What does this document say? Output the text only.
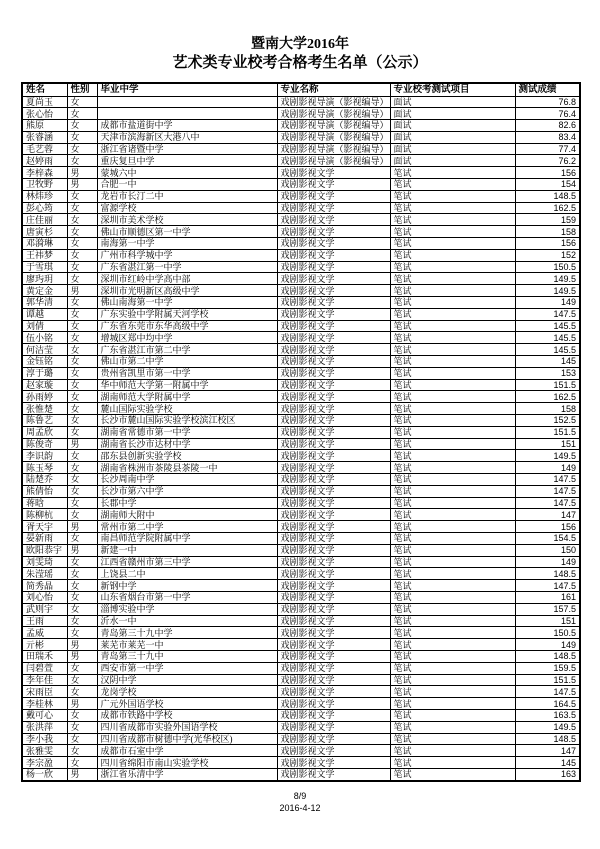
暨南大学2016年
艺术类专业校考合格考生名单（公示）
姓名	性别	毕业中学	专业名称	专业校考测试项目	测试成绩
夏尚玉	女		戏剧影视导演（影视编导）	面试	76.8
张心怡	女		戏剧影视导演（影视编导）	面试	76.4
熊原	女	成都市盐道街中学	戏剧影视导演（影视编导）	面试	82.6
张睿涵	女	天津市滨海新区大港八中	戏剧影视导演（影视编导）	面试	83.4
毛艺蓉	女	浙江省诸暨中学	戏剧影视导演（影视编导）	面试	77.4
赵婷雨	女	重庆复旦中学	戏剧影视导演（影视编导）	面试	76.2
李梓森	男	蒙城六中	戏剧影视文学	笔试	156
卫牧野	男	合肥一中	戏剧影视文学	笔试	154
林炜珍	女	龙岩市长汀二中	戏剧影视文学	笔试	148.5
彭心筠	女	富源学校	戏剧影视文学	笔试	162.5
庄佳丽	女	深圳市美术学校	戏剧影视文学	笔试	159
唐寅杉	女	佛山市顺德区第一中学	戏剧影视文学	笔试	158
邓漪琳	女	南海第一中学	戏剧影视文学	笔试	156
王祎梦	女	广州市科学城中学	戏剧影视文学	笔试	152
于雪琪	女	广东省湛江第一中学	戏剧影视文学	笔试	150.5
廖玙玥	女	深圳市红岭中学高中部	戏剧影视文学	笔试	149.5
黄定金	男	深圳市光明新区高级中学	戏剧影视文学	笔试	149.5
郭华清	女	佛山南海第一中学	戏剧影视文学	笔试	149
谭越	女	广东实验中学附属天河学校	戏剧影视文学	笔试	147.5
刘倩	女	广东省东莞市东华高级中学	戏剧影视文学	笔试	145.5
伍小铭	女	增城区郑中均中学	戏剧影视文学	笔试	145.5
何洁莹	女	广东省湛江市第二中学	戏剧影视文学	笔试	145.5
金钰铭	女	佛山市第二中学	戏剧影视文学	笔试	145
淳于璐	女	贵州省凯里市第一中学	戏剧影视文学	笔试	153
赵家璇	女	华中师范大学第一附属中学	戏剧影视文学	笔试	151.5
孙雨婷	女	湖南师范大学附属中学	戏剧影视文学	笔试	162.5
张惟楚	女	麓山国际实验学校	戏剧影视文学	笔试	158
陈鲁艺	女	长沙市麓山国际实验学校滨江校区	戏剧影视文学	笔试	152.5
周孟欣	女	湖南省常德市第一中学	戏剧影视文学	笔试	151.5
陈俊奇	男	湖南省长沙市达材中学	戏剧影视文学	笔试	151
李识韵	女	邵东县创新实验学校	戏剧影视文学	笔试	149.5
陈玉琴	女	湖南省株洲市茶陵县茶陵一中	戏剧影视文学	笔试	149
陆楚乔	女	长沙周南中学	戏剧影视文学	笔试	147.5
熊倩怡	女	长沙市第六中学	戏剧影视文学	笔试	147.5
蒋晗	女	长郡中学	戏剧影视文学	笔试	147.5
陈柳杭	女	湖南师大附中	戏剧影视文学	笔试	147
胥天宇	男	常州市第二中学	戏剧影视文学	笔试	156
晏新雨	女	南昌师范学院附属中学	戏剧影视文学	笔试	154.5
欧阳恭宇	男	新建一中	戏剧影视文学	笔试	150
刘雯琦	女	江西省赣州市第三中学	戏剧影视文学	笔试	149
朱滢瑶	女	上饶县二中	戏剧影视文学	笔试	148.5
简秀晶	女	新钢中学	戏剧影视文学	笔试	147.5
刘心怡	女	山东省烟台市第一中学	戏剧影视文学	笔试	161
武则宇	女	淄博实验中学	戏剧影视文学	笔试	157.5
王雨	女	沂水一中	戏剧影视文学	笔试	151
孟威	女	青岛第三十九中学	戏剧影视文学	笔试	150.5
亓彬	男	莱芜市莱芜一中	戏剧影视文学	笔试	149
田瑞禾	男	青岛第三十九中	戏剧影视文学	笔试	148.5
闫碧萱	女	西安市第一中学	戏剧影视文学	笔试	159.5
李年佳	女	汉阴中学	戏剧影视文学	笔试	151.5
宋雨臣	女	龙岗学校	戏剧影视文学	笔试	147.5
李桂林	男	广元外国语学校	戏剧影视文学	笔试	164.5
戴可心	女	成都市铁路中学校	戏剧影视文学	笔试	163.5
张洪萍	女	四川省成都市实验外国语学校	戏剧影视文学	笔试	149.5
李小我	女	四川省成都市树德中学(光华校区)	戏剧影视文学	笔试	148.5
张雅雯	女	成都市石室中学	戏剧影视文学	笔试	147
李宗盈	女	四川省绵阳市南山实验学校	戏剧影视文学	笔试	145
杨一欣	男	浙江省乐清中学	戏剧影视文学	笔试	163
8/9
2016-4-12
